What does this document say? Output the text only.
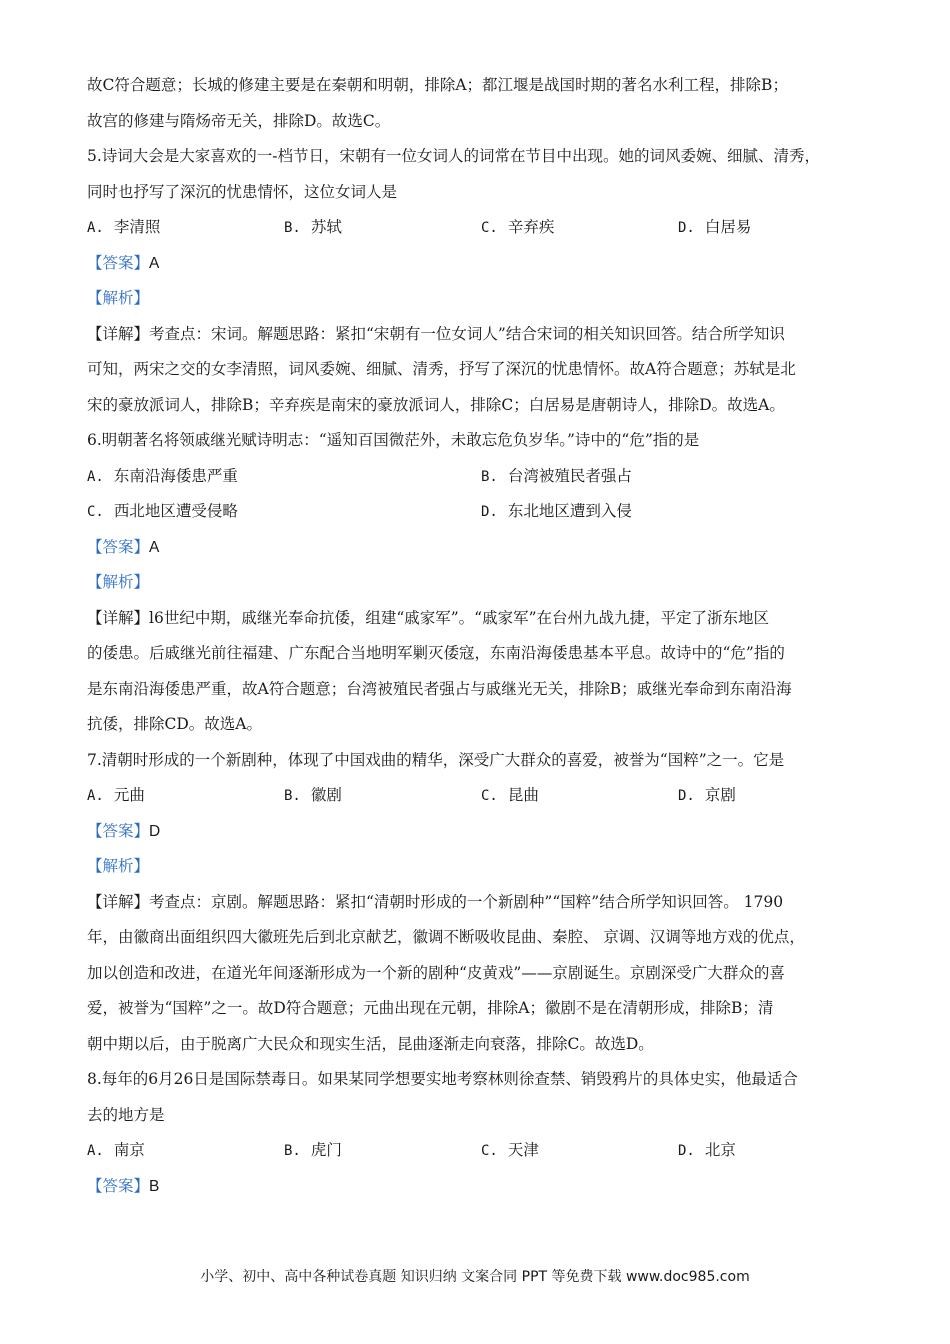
故C符合题意；长城的修建主要是在秦朝和明朝，排除A；都江堰是战国时期的著名水利工程，排除B；
故宫的修建与隋炀帝无关，排除D。故选C。
5.诗词大会是大家喜欢的一-档节日，宋朝有一位女词人的词常在节目中出现。她的词风委婉、细腻、清秀，
同时也抒写了深沉的忧患情怀，这位女词人是
A. 李清照	B. 苏轼	C. 辛弃疾	D. 白居易
【答案】A
【解析】
【详解】考查点：宋词。解题思路：紧扣“宋朝有一位女词人”结合宋词的相关知识回答。结合所学知识
可知，两宋之交的女李清照，词风委婉、细腻、清秀，抒写了深沉的忧患情怀。故A符合题意；苏轼是北
宋的豪放派词人，排除B；辛弃疾是南宋的豪放派词人，排除C；白居易是唐朝诗人，排除D。故选A。
6.明朝著名将领戚继光赋诗明志：“遥知百国微茫外，未敢忘危负岁华。”诗中的“危”指的是
A. 东南沿海倭患严重	B. 台湾被殖民者强占
C. 西北地区遭受侵略	D. 东北地区遭到入侵
【答案】A
【解析】
【详解】l6世纪中期，戚继光奉命抗倭，组建“戚家军”。“戚家军”在台州九战九捷，平定了浙东地区
的倭患。后戚继光前往福建、广东配合当地明军剿灭倭寇，东南沿海倭患基本平息。故诗中的“危”指的
是东南沿海倭患严重，故A符合题意；台湾被殖民者强占与戚继光无关，排除B；戚继光奉命到东南沿海
抗倭，排除CD。故选A。
7.清朝时形成的一个新剧种，体现了中国戏曲的精华，深受广大群众的喜爱，被誉为“国粹”之一。它是
A. 元曲	B. 徽剧	C. 昆曲	D. 京剧
【答案】D
【解析】
【详解】考查点：京剧。解题思路：紧扣“清朝时形成的一个新剧种”“国粹”结合所学知识回答。 1790
年，由徽商出面组织四大徽班先后到北京献艺，徽调不断吸收昆曲、秦腔、 京调、汉调等地方戏的优点，
加以创造和改进，在道光年间逐渐形成为一个新的剧种“皮黄戏”——京剧诞生。京剧深受广大群众的喜
爱，被誉为“国粹”之一。故D符合题意；元曲出现在元朝，排除A；徽剧不是在清朝形成，排除B；清
朝中期以后，由于脱离广大民众和现实生活，昆曲逐渐走向衰落，排除C。故选D。
8.每年的6月26日是国际禁毒日。如果某同学想要实地考察林则徐查禁、销毁鸦片的具体史实，他最适合
去的地方是
A. 南京	B. 虎门	C. 天津	D. 北京
【答案】B
小学、初中、高中各种试卷真题 知识归纳 文案合同 PPT 等免费下载 www.doc985.com
